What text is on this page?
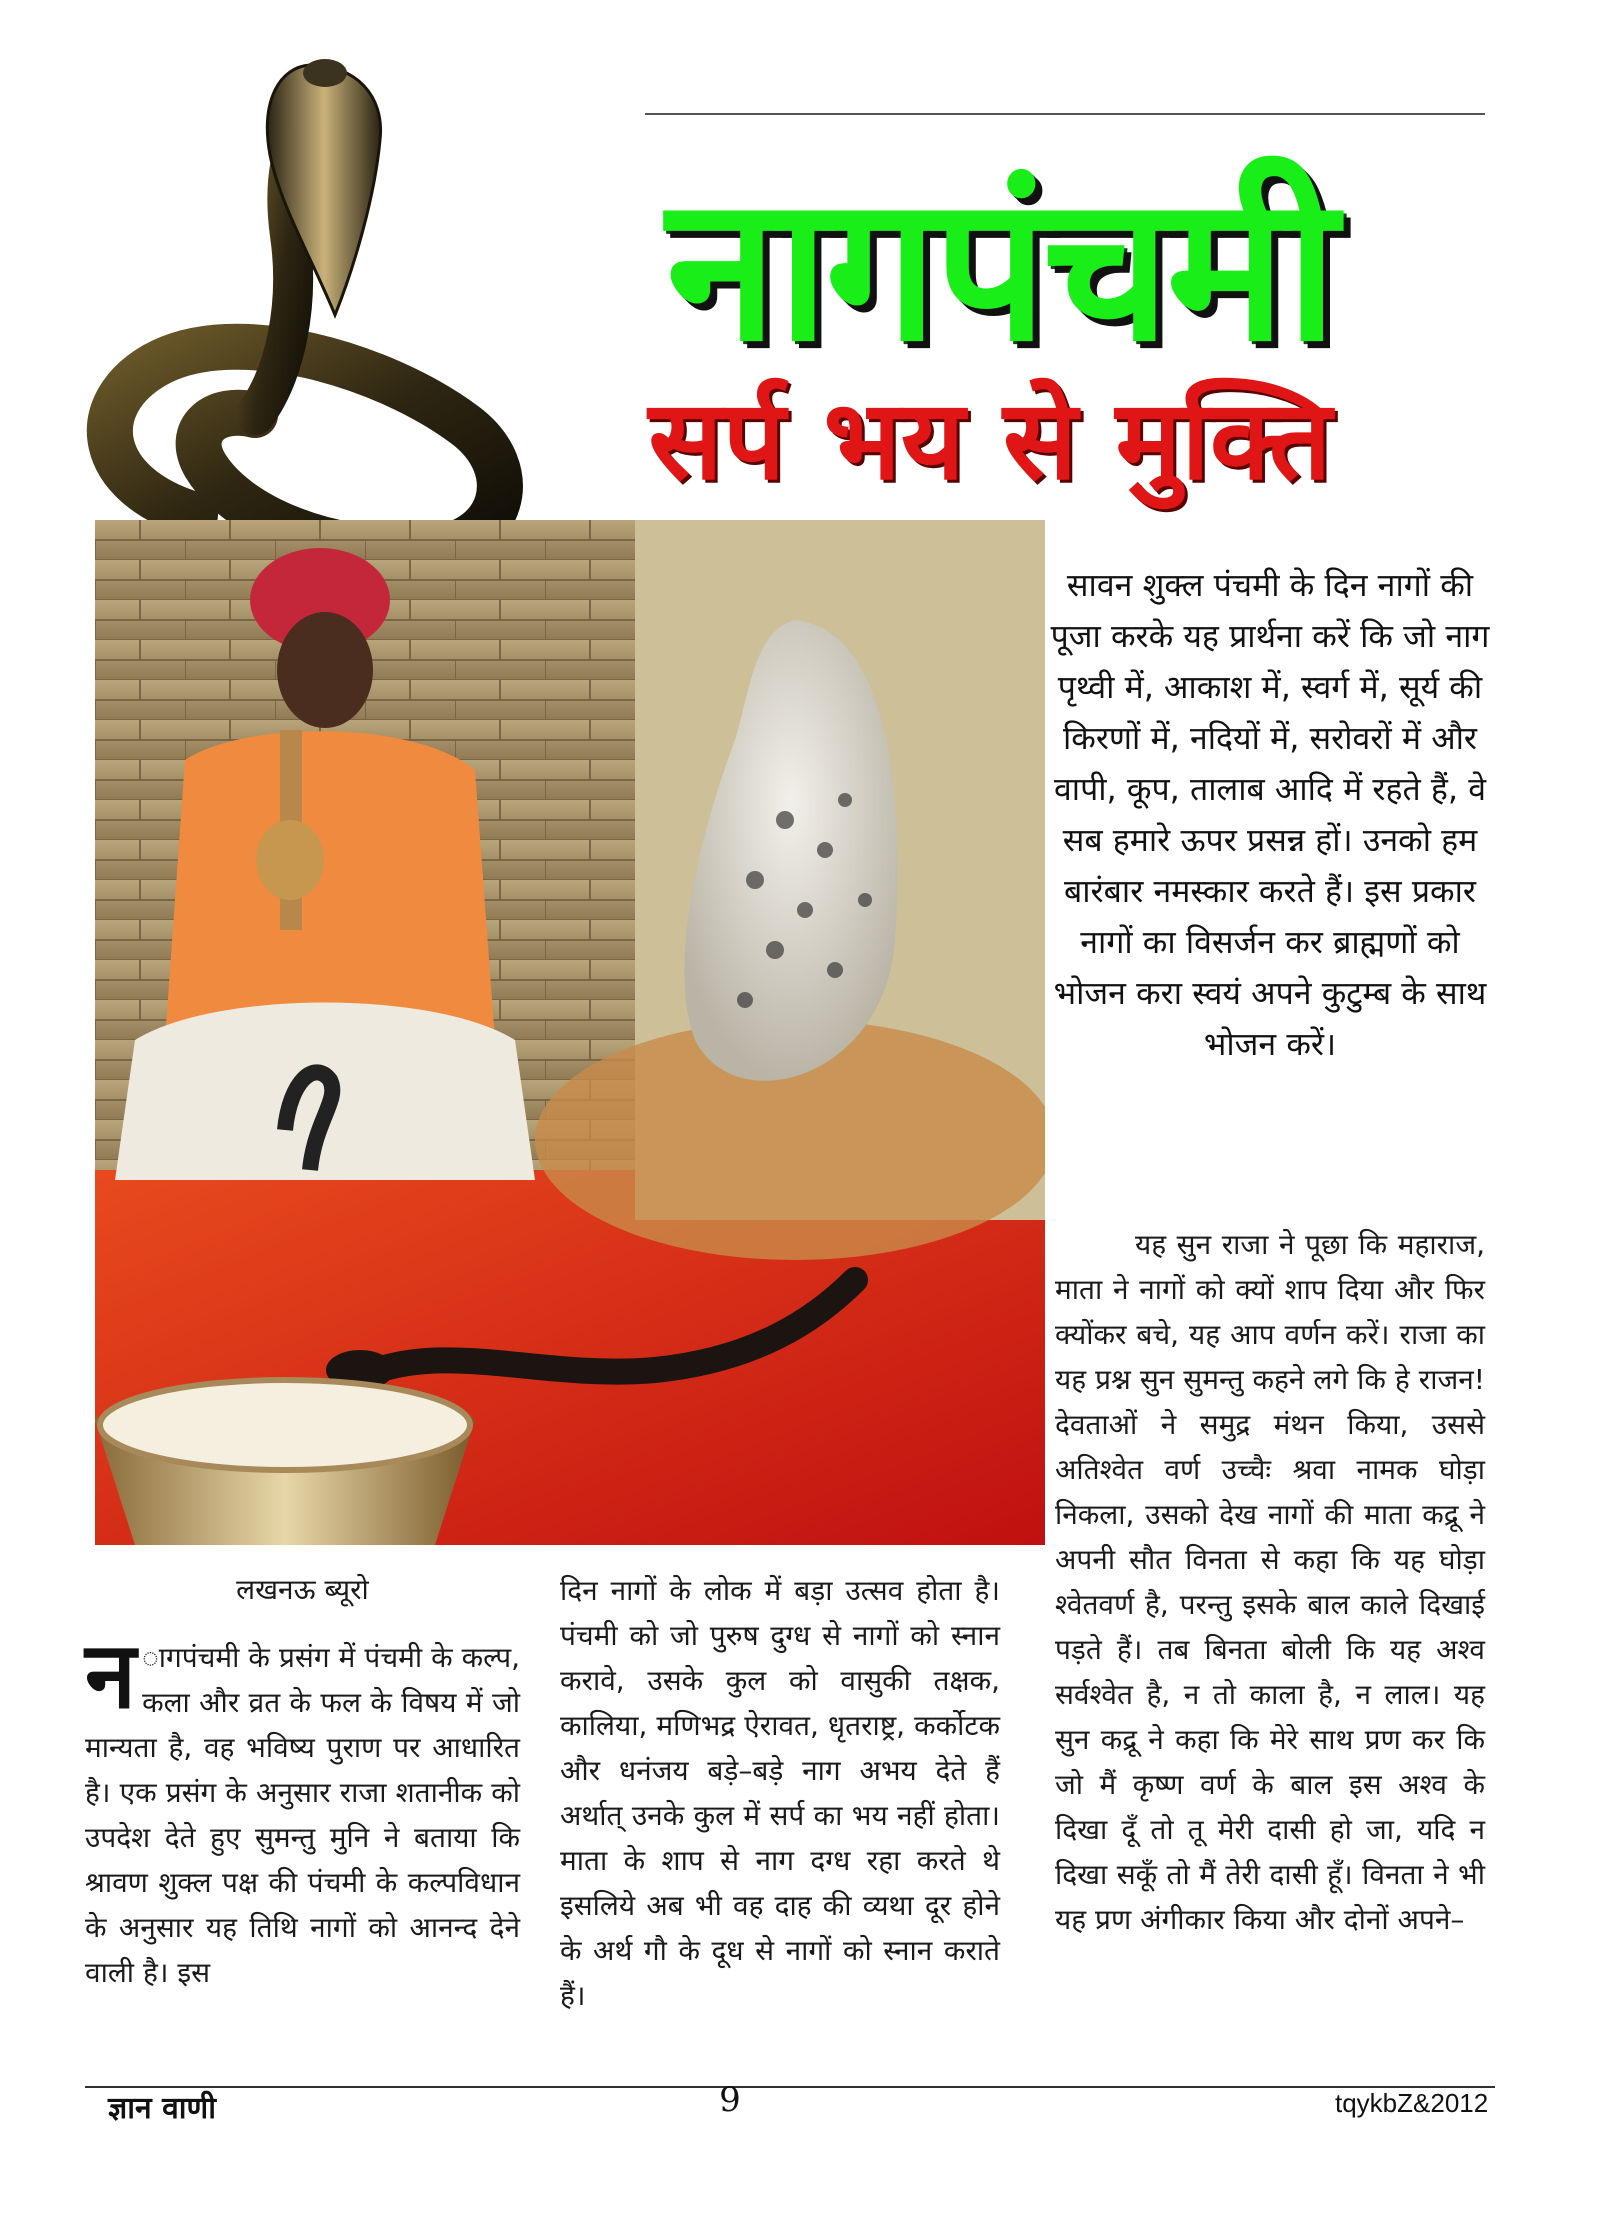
नागपंचमी
सर्प भय से मुक्ति
सावन शुक्ल पंचमी के दिन नागों की पूजा करके यह प्रार्थना करें कि जो नाग पृथ्वी में, आकाश में, स्वर्ग में, सूर्य की किरणों में, नदियों में, सरोवरों में और वापी, कूप, तालाब आदि में रहते हैं, वे सब हमारे ऊपर प्रसन्न हों। उनको हम बारंबार नमस्कार करते हैं। इस प्रकार नागों का विसर्जन कर ब्राह्मणों को भोजन करा स्वयं अपने कुटुम्ब के साथ भोजन करें।
यह सुन राजा ने पूछा कि महाराज, माता ने नागों को क्यों शाप दिया और फिर क्योंकर बचे, यह आप वर्णन करें। राजा का यह प्रश्न सुन सुमन्तु कहने लगे कि हे राजन! देवताओं ने समुद्र मंथन किया, उससे अतिश्वेत वर्ण उच्चैः श्रवा नामक घोड़ा निकला, उसको देख नागों की माता कद्रू ने अपनी सौत विनता से कहा कि यह घोड़ा श्वेतवर्ण है, परन्तु इसके बाल काले दिखाई पड़ते हैं। तब बिनता बोली कि यह अश्व सर्वश्वेत है, न तो काला है, न लाल। यह सुन कद्रू ने कहा कि मेरे साथ प्रण कर कि जो मैं कृष्ण वर्ण के बाल इस अश्व के दिखा दूँ तो तू मेरी दासी हो जा, यदि न दिखा सकूँ तो मैं तेरी दासी हूँ। विनता ने भी यह प्रण अंगीकार किया और दोनों अपने–
लखनऊ ब्यूरो
न ागपंचमी के प्रसंग में पंचमी के कल्प, कला और व्रत के फल के विषय में जो मान्यता है, वह भविष्य पुराण पर आधारित है। एक प्रसंग के अनुसार राजा शतानीक को उपदेश देते हुए सुमन्तु मुनि ने बताया कि श्रावण शुक्ल पक्ष की पंचमी के कल्पविधान के अनुसार यह तिथि नागों को आनन्द देने वाली है। इस
दिन नागों के लोक में बड़ा उत्सव होता है। पंचमी को जो पुरुष दुग्ध से नागों को स्नान करावे, उसके कुल को वासुकी तक्षक, कालिया, मणिभद्र ऐरावत, धृतराष्ट्र, कर्कोटक और धनंजय बड़े–बड़े नाग अभय देते हैं अर्थात् उनके कुल में सर्प का भय नहीं होता। माता के शाप से नाग दग्ध रहा करते थे इसलिये अब भी वह दाह की व्यथा दूर होने के अर्थ गौ के दूध से नागों को स्नान कराते हैं।
ज्ञान वाणी	9	tqykbZ&2012
